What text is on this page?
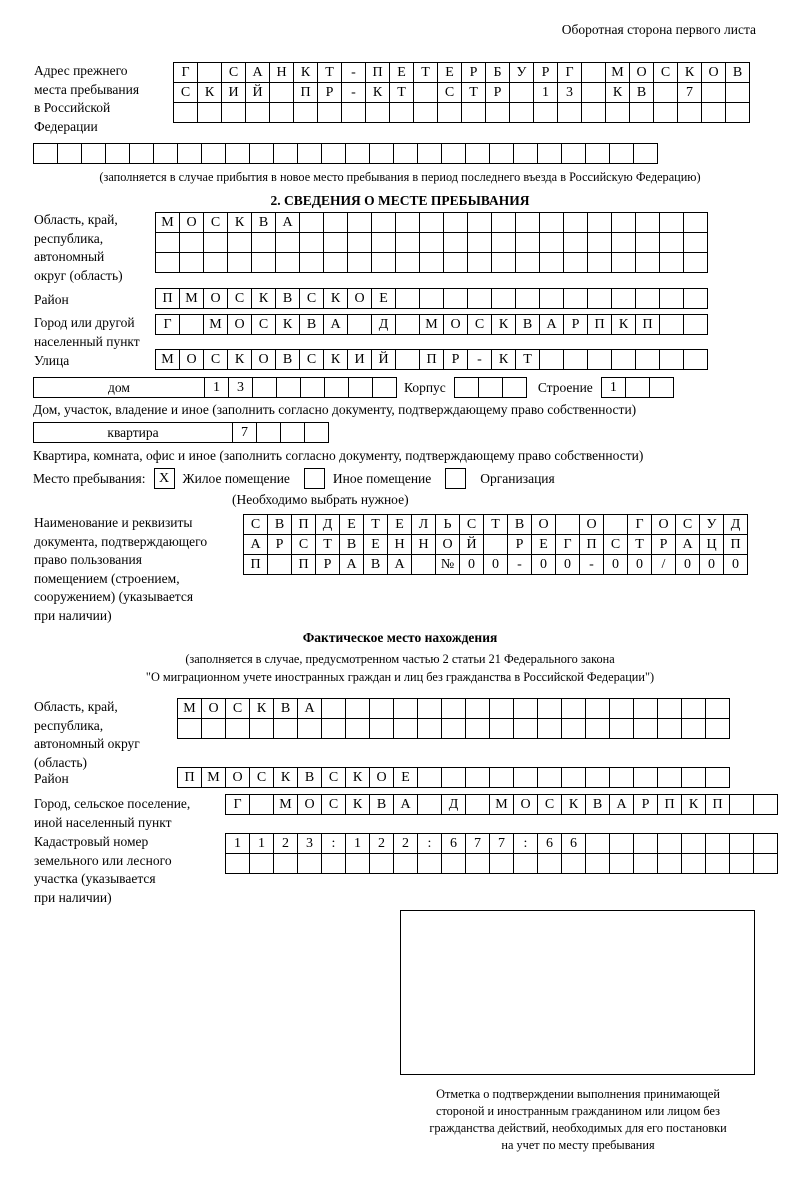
Оборотная сторона первого листа
Адрес прежнего
места пребывания
в Российской
Федерации
Г	С	А Н	К	Т	-	П	Е	Т	Е	Р	Б	У	Р	Г	М О	С	К	О	В
С	К	И Й	П	Р	-	К	Т	С	Т	Р	1	3	К	В	7
(заполняется в случае прибытия в новое место пребывания в период последнего въезда в Российскую Федерацию)
2. СВЕДЕНИЯ О МЕСТЕ ПРЕБЫВАНИЯ
Область, край,
республика,
автономный
округ (область)
М О	С	К	В	А
Район	П М О	С	К	В	С	К	О	Е
Город или другой
населенный пункт
Г	М О	С	К	В	А	Д	М О	С	К	В	А	Р	П	К	П
Улица	М О	С	К	О	В	С	К	И Й	П	Р	-	К	Т
дом	1	3	Корпус	Строение	1
Дом, участок, владение и иное (заполнить согласно документу, подтверждающему право собственности)
квартира	7
Квартира, комната, офис и иное (заполнить согласно документу, подтверждающему право собственности)
Место пребывания: X Жилое помещение	Иное помещение	Организация
(Необходимо выбрать нужное)
Наименование и реквизиты
документа, подтверждающего
право пользования
помещением (строением,
сооружением) (указывается
при наличии)
С	В	П	Д	Е	Т	Е	Л	Ь	С	Т	В	О	О	Г	О	С	У	Д
А	Р	С	Т	В	Е	Н Н О Й	Р	Е	Г	П	С	Т	Р	А Ц П
П	П	Р	А	В	А	№ 0	0	-	0	0	-	0	0	/	0	0	0
Фактическое место нахождения
(заполняется в случае, предусмотренном частью 2 статьи 21 Федерального закона
"О миграционном учете иностранных граждан и лиц без гражданства в Российской Федерации")
Область, край,
республика,
автономный округ
(область)
М О	С	К	В	А
Район	П М О	С	К	В	С	К	О	Е
Город, сельское поселение,
иной населенный пункт
Г	М О	С	К	В	А	Д	М О	С	К	В	А	Р	П	К	П
Кадастровый номер
земельного или лесного
участка (указывается
при наличии)
1	1	2	3	:	1	2	2	:	6	7	7	:	6	6
Отметка о подтверждении выполнения принимающей
стороной и иностранным гражданином или лицом без
гражданства действий, необходимых для его постановки
на учет по месту пребывания
